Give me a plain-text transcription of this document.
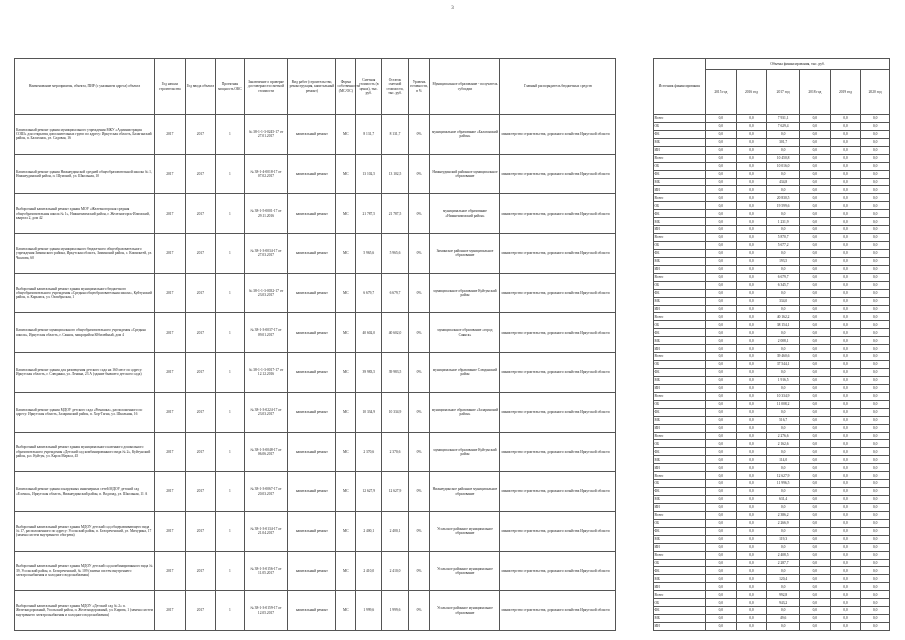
3
Наименование мероприятия, объекта, ПИР (с указанием адреса) объекта	Год начала строительства	Год ввода объекта	Проектная мощность ОКС	Заключение о проверке достоверности сметной стоимости	Вид работ (строительство, реконструкция, капитальный ремонт)	Форма собственности (МС/ОС)	Сметная стоимость (в ценах), тыс. руб.	Остаток сметной стоимости, тыс. руб.	Уровень готовности, в %	Муниципальное образование - получатель субсидии	Главный распорядитель бюджетных средств		Источник финансирования	Объемы финансирования, тыс. руб.					
														2015 год	2016 год	2017 год	2018 год	2019 год	2020 год
Капитальный ремонт здания муниципального учреждения МКУ «Администрация СОШ» для открытия дополнительных групп по адресу: Иркутская область, Балаганский район, п. Балаганск, ул. Садовая, 16	2017	2017	1	№ 38-1-1-3-0245-17 от 27.01.2017	капитальный ремонт	МС	8 131,7	8 131,7	0%	муниципальное образование «Балаганский район»	министерство строительства, дорожного хозяйства Иркутской области		Всего	0,0	0,0	7 931,1	0,0	0,0	0,0
													ОБ	0,0	0,0	7 629,4	0,0	0,0	0,0
													ФБ	0,0	0,0	0,0	0,0	0,0	0,0
													МБ	0,0	0,0	301,7	0,0	0,0	0,0
													ИИ	0,0	0,0	0,0	0,0	0,0	0,0
Капитальный ремонт здания Нижнеудинской средней общеобразовательной школы № 1, Нижнеудинский район, п. Шумский, ул. Школьная, 10	2017	2017	1	№ 38-1-4-0018-17 от 07.02.2017	капитальный ремонт	МС	13 102,5	13 102,5	0%	Нижнеудинский районное муниципальное образование	министерство строительства, дорожного хозяйства Иркутской области		Всего	0,0	0,0	10 450,8	0,0	0,0	0,0
													ОБ	0,0	0,0	10 016,0	0,0	0,0	0,0
													ФБ	0,0	0,0	0,0	0,0	0,0	0,0
													МБ	0,0	0,0	434,8	0,0	0,0	0,0
													ИИ	0,0	0,0	0,0	0,0	0,0	0,0
Выборочный капитальный ремонт здания МОУ «Железногорская средняя общеобразовательная школа № 1», Нижнеилимский район, г. Железногорск-Илимский, квартал 2, дом 42	2017	2017	1	№ 38-1-5-0001-17 от 29.11.2016	капитальный ремонт	МС	21 787,5	21 787,5	0%	муниципальное образование «Нижнеилимский район»	министерство строительства, дорожного хозяйства Иркутской области		Всего	0,0	0,0	20 830,5	0,0	0,0	0,0
													ОБ	0,0	0,0	19 599,6	0,0	0,0	0,0
													ФБ	0,0	0,0	0,0	0,0	0,0	0,0
													МБ	0,0	0,0	1 231,9	0,0	0,0	0,0
													ИИ	0,0	0,0	0,0	0,0	0,0	0,0
Капитальный ремонт здания муниципального бюджетного общеобразовательного учреждения Зиминского района, Иркутская область, Зиминский район, с. Кимильтей, ул. Чкалова, 60	2017	2017	1	№ 38-1-3-0034-17 от 27.03.2017	капитальный ремонт	МС	5 965,6	5 965,6	0%	Зиминское районное муниципальное образование	министерство строительства, дорожного хозяйства Иркутской области		Всего	0,0	0,0	5 870,7	0,0	0,0	0,0
													ОБ	0,0	0,0	5 677,2	0,0	0,0	0,0
													ФБ	0,0	0,0	0,0	0,0	0,0	0,0
													МБ	0,0	0,0	193,5	0,0	0,0	0,0
													ИИ	0,0	0,0	0,0	0,0	0,0	0,0
Выборочный капитальный ремонт здания муниципального бюджетного общеобразовательного учреждения «Средняя общеобразовательная школа», Куйтунский район, п. Карымск, ул. Октябрьская, 1	2017	2017	1	№ 38-1-1-3-0032-17 от 23.03.2017	капитальный ремонт	МС	6 679,7	6 679,7	0%	муниципальное образование Куйтунский район	министерство строительства, дорожного хозяйства Иркутской области		Всего	0,0	0,0	6 679,7	0,0	0,0	0,0
													ОБ	0,0	0,0	6 345,7	0,0	0,0	0,0
													ФБ	0,0	0,0	0,0	0,0	0,0	0,0
													МБ	0,0	0,0	334,0	0,0	0,0	0,0
													ИИ	0,0	0,0	0,0	0,0	0,0	0,0
Капитальный ремонт муниципального общеобразовательного учреждения «Средняя школа», Иркутская область, г. Саянск, микрорайон Юбилейный, дом 4	2017	2017	1	№ 38-1-3-0037-17 от 09.01.2017	капитальный ремонт	МС	40 602,0	40 602,0	0%	муниципальное образование «город Саянск»	министерство строительства, дорожного хозяйства Иркутской области		Всего	0,0	0,0	40 162,2	0,0	0,0	0,0
													ОБ	0,0	0,0	38 154,1	0,0	0,0	0,0
													ФБ	0,0	0,0	0,0	0,0	0,0	0,0
													МБ	0,0	0,0	2 008,1	0,0	0,0	0,0
													ИИ	0,0	0,0	0,0	0,0	0,0	0,0
Капитальный ремонт здания для размещения детского сада на 160 мест по адресу: Иркутская область, г. Слюдянка, ул. Ленина, 23 А (здание бывшего детского сада)	2017	2017	1	№ 38-1-1-3-0017-17 от 12.12.2016	капитальный ремонт	МС	39 983,5	39 983,5	0%	муниципальное образование Слюдянский район	министерство строительства, дорожного хозяйства Иркутской области		Всего	0,0	0,0	39 460,6	0,0	0,0	0,0
													ОБ	0,0	0,0	37 544,1	0,0	0,0	0,0
													ФБ	0,0	0,0	0,0	0,0	0,0	0,0
													МБ	0,0	0,0	1 916,5	0,0	0,0	0,0
													ИИ	0,0	0,0	0,0	0,0	0,0	0,0
Капитальный ремонт здания МДОУ детского сада «Ромашка», расположенного по адресу: Иркутская область, Заларинский район, п. Хор-Тагна, ул. Школьная, 16	2017	2017	1	№ 38-1-3-0224-17 от 23.03.2017	капитальный ремонт	МС	10 334,9	10 334,9	0%	муниципальное образование «Заларинский район»	министерство строительства, дорожного хозяйства Иркутской области		Всего	0,0	0,0	10 334,9	0,0	0,0	0,0
													ОБ	0,0	0,0	11 008,2	0,0	0,0	0,0
													ФБ	0,0	0,0	0,0	0,0	0,0	0,0
													МБ	0,0	0,0	516,7	0,0	0,0	0,0
													ИИ	0,0	0,0	0,0	0,0	0,0	0,0
Выборочный капитальный ремонт здания муниципального казенного дошкольного образовательного учреждения «Детский сад комбинированного вида № 2», Куйтунский район, р.п. Куйтун, ул. Карла Маркса, 45	2017	2017	1	№ 38-1-3-0048-17 от 06.06.2017	капитальный ремонт	МС	2 370,6	2 370,6	0%	муниципальное образование Куйтунский район	министерство строительства, дорожного хозяйства Иркутской области		Всего	0,0	0,0	2 276,6	0,0	0,0	0,0
													ОБ	0,0	0,0	2 162,6	0,0	0,0	0,0
													ФБ	0,0	0,0	0,0	0,0	0,0	0,0
													МБ	0,0	0,0	114,0	0,0	0,0	0,0
													ИИ	0,0	0,0	0,0	0,0	0,0	0,0
Капитальный ремонт здания и наружных инженерных сетей МДОУ детский сад «Елочка», Иркутская область, Нижнеудинский район, п. Водопад, ул. Школьная, 11 А	2017	2017	1	№ 38-1-3-0067-17 от 20.03.2017	капитальный ремонт	МС	12 627,9	12 627,9	0%	Нижнеудинское районное муниципальное образование	министерство строительства, дорожного хозяйства Иркутской области		Всего	0,0	0,0	12 627,9	0,0	0,0	0,0
													ОБ	0,0	0,0	11 996,5	0,0	0,0	0,0
													ФБ	0,0	0,0	0,0	0,0	0,0	0,0
													МБ	0,0	0,0	631,4	0,0	0,0	0,0
													ИИ	0,0	0,0	0,0	0,0	0,0	0,0
Выборочный капитальный ремонт здания МДОУ детский сад общеразвивающего вида № 17, расположенного по адресу: Усольский район, п. Белореченский, ул. Мичурина, 17 (замена систем внутреннего обогрева)	2017	2017	1	№ 38-1-3-0134-17 от 21.04.2017	капитальный ремонт	МС	2 400,1	2 400,1	0%	Усольское районное муниципальное образование	министерство строительства, дорожного хозяйства Иркутской области		Всего	0,0	0,0	2 386,2	0,0	0,0	0,0
													ОБ	0,0	0,0	2 266,9	0,0	0,0	0,0
													ФБ	0,0	0,0	0,0	0,0	0,0	0,0
													МБ	0,0	0,0	119,3	0,0	0,0	0,0
													ИИ	0,0	0,0	0,0	0,0	0,0	0,0
Выборочный капитальный ремонт здания МДОУ детский сад комбинированного вида № 39, Усольский район, п. Белореченский, № 109 (замена систем внутреннего электроснабжения и холодного водоснабжения)	2017	2017	1	№ 38-1-3-0156-17 от 11.05.2017	капитальный ремонт	МС	2 410,0	2 410,0	0%	Усольское районное муниципальное образование	министерство строительства, дорожного хозяйства Иркутской области		Всего	0,0	0,0	2 408,5	0,0	0,0	0,0
													ОБ	0,0	0,0	2 287,7	0,0	0,0	0,0
													ФБ	0,0	0,0	0,0	0,0	0,0	0,0
													МБ	0,0	0,0	120,4	0,0	0,0	0,0
													ИИ	0,0	0,0	0,0	0,0	0,0	0,0
Выборочный капитальный ремонт здания МДОУ «Детский сад № 2» п. Железнодорожный, Усольский район, п. Железнодорожный, ул. Кирова, 1 (замена систем внутреннего электроснабжения и холодного водоснабжения)	2017	2017	1	№ 38-1-3-0159-17 от 12.05.2017	капитальный ремонт	МС	1 999,6	1 999,6	0%	Усольское районное муниципальное образование	министерство строительства, дорожного хозяйства Иркутской области		Всего	0,0	0,0	992,8	0,0	0,0	0,0
													ОБ	0,0	0,0	943,2	0,0	0,0	0,0
													ФБ	0,0	0,0	0,0	0,0	0,0	0,0
													МБ	0,0	0,0	49,6	0,0	0,0	0,0
													ИИ	0,0	0,0	0,0	0,0	0,0	0,0
